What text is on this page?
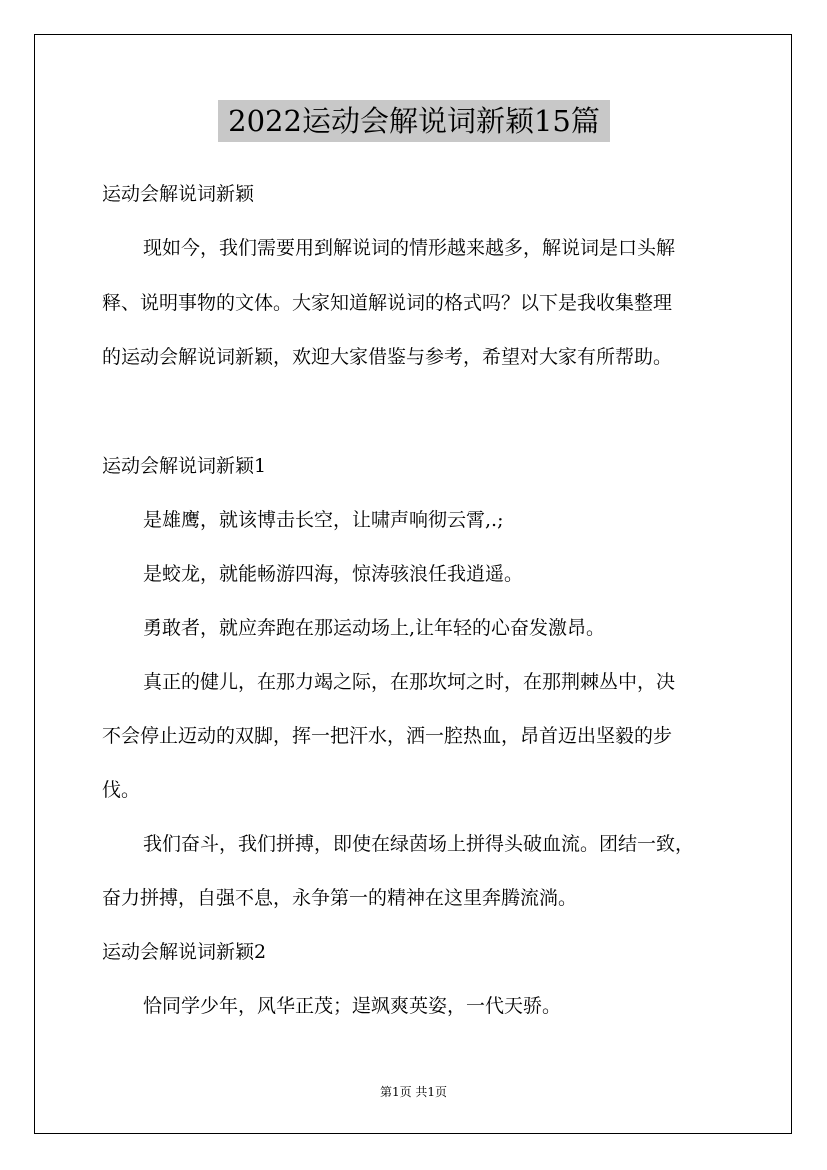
2022运动会解说词新颖15篇
运动会解说词新颖
现如今，我们需要用到解说词的情形越来越多，解说词是口头解
释、说明事物的文体。大家知道解说词的格式吗？以下是我收集整理
的运动会解说词新颖，欢迎大家借鉴与参考，希望对大家有所帮助。
运动会解说词新颖1
是雄鹰，就该博击长空，让啸声响彻云霄,.;
是蛟龙，就能畅游四海，惊涛骇浪任我逍遥。
勇敢者，就应奔跑在那运动场上,让年轻的心奋发激昂。
真正的健儿，在那力竭之际，在那坎坷之时，在那荆棘丛中，决
不会停止迈动的双脚，挥一把汗水，洒一腔热血，昂首迈出坚毅的步
伐。
我们奋斗，我们拼搏，即使在绿茵场上拼得头破血流。团结一致，
奋力拼搏，自强不息，永争第一的精神在这里奔腾流淌。
运动会解说词新颖2
恰同学少年，风华正茂；逞飒爽英姿，一代天骄。
第1页 共1页
